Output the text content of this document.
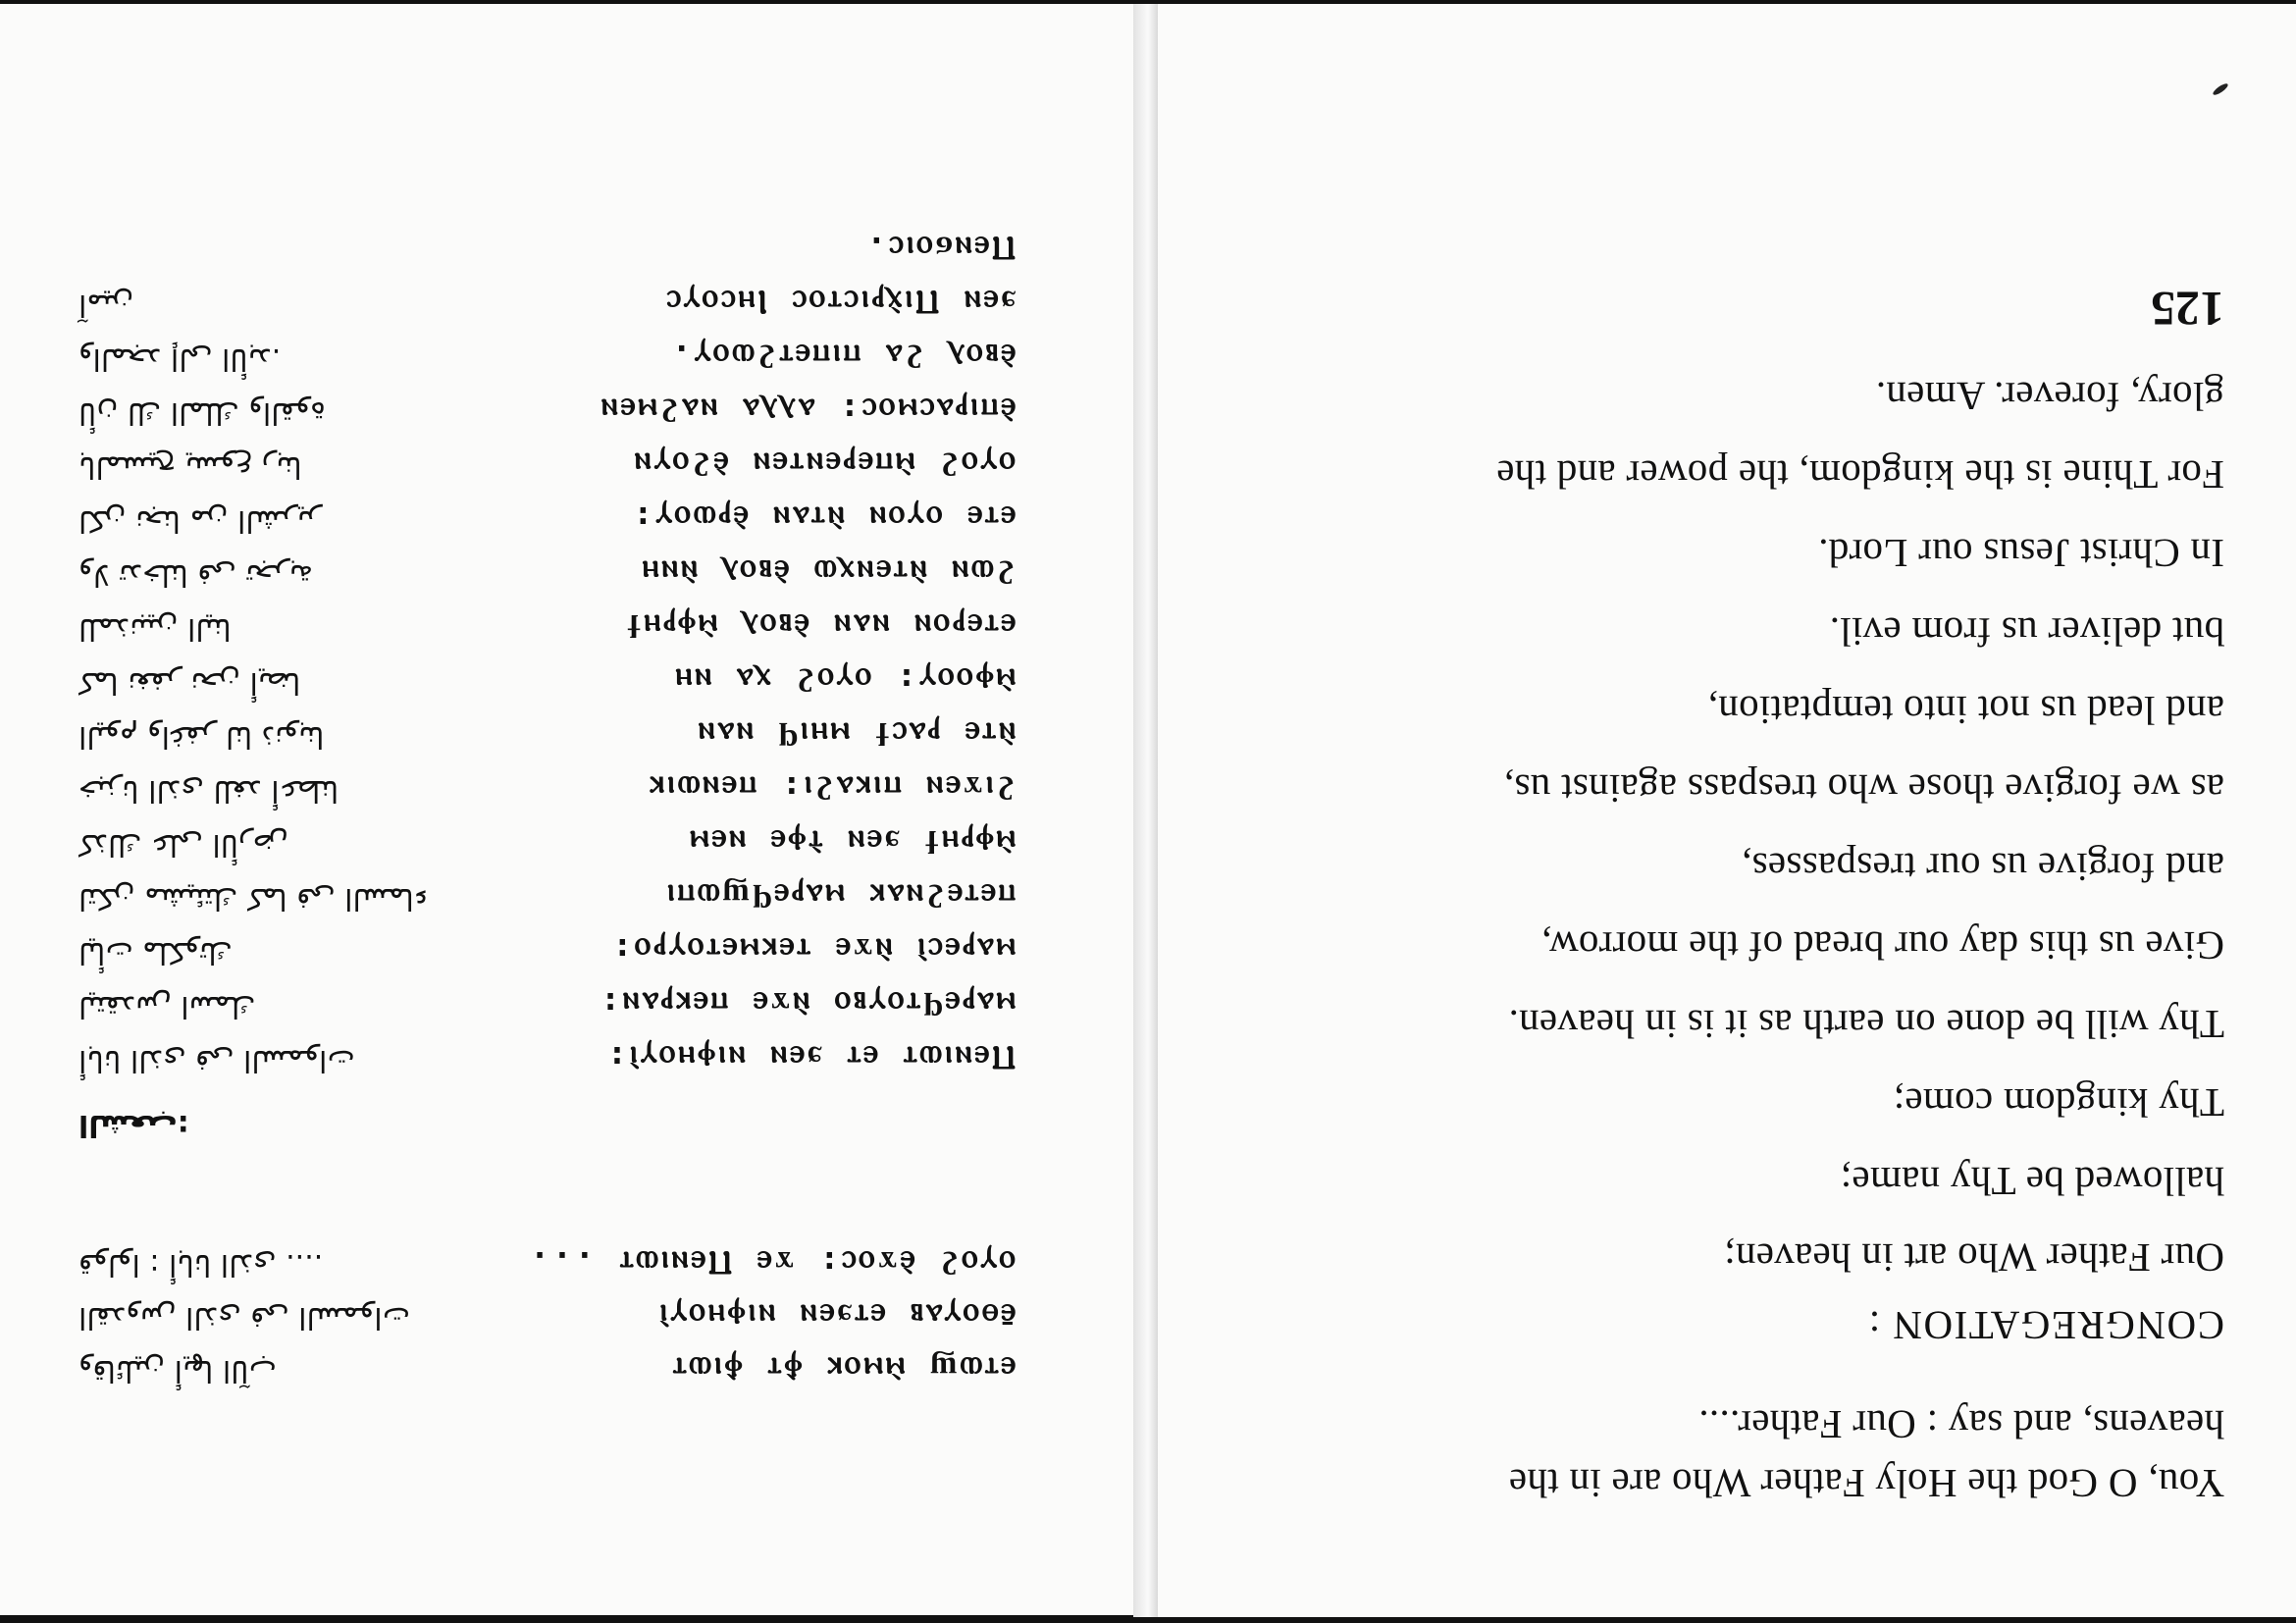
You, O God the Holy Father Who are in the
heavens, and say : Our Father....
CONGREGATION :
Our Father Who art in heaven;
hallowed be Thy name;
Thy kingdom come;
Thy will be done on earth as it is in heaven.
Give us this day our bread of the morrow,
and forgive us our trespasses,
as we forgive those who trespass against us,
and lead us not into temptation,
but deliver us from evil.
In Christ Jesus our Lord.
For Thine is the kingdom, the power and the
glory, forever. Amen.
125
ⲉⲧⲱϣ ⲙ̀ⲙⲟⲕ ⲫ̀ⲧ ⲫ̀ⲓⲱⲧ
ⲉ̄ⲑⲟⲩⲁⲃ ⲉⲧϧⲉⲛ ⲛⲓⲫⲏⲟⲩⲓ̀
ⲟⲩⲟϩ ⲉ̀ϫⲟⲥ: ϫⲉ Ⲡⲉⲛⲓⲱⲧ ...
Ⲡⲉⲛⲓⲱⲧ ⲉⲧ ϧⲉⲛ ⲛⲓⲫⲏⲟⲩⲓ̀:
ⲙⲁⲣⲉϥⲧⲟⲩⲃⲟ ⲛ̀ϫⲉ ⲡⲉⲕⲣⲁⲛ:
ⲙⲁⲣⲉⲥⲓ̀ ⲛ̀ϫⲉ ⲧⲉⲕⲙⲉⲧⲟⲩⲣⲟ:
ⲡⲉⲧⲉϩⲛⲁⲕ ⲙⲁⲣⲉϥϣⲱⲡⲓ
ⲙ̀ⲫⲣⲏϯ ϧⲉⲛ ⲧ̀ⲫⲉ ⲛⲉⲙ
ϩⲓϫⲉⲛ ⲡⲓⲕⲁϩⲓ: ⲡⲉⲛⲱⲓⲕ
ⲛ̀ⲧⲉ ⲣⲁⲥϯ ⲙⲏⲓϥ ⲛⲁⲛ
ⲙ̀ⲫⲟⲟⲩ: ⲟⲩⲟϩ ⲭⲁ ⲛⲏ
ⲉⲧⲉⲣⲟⲛ ⲛⲁⲛ ⲉ̀ⲃⲟⲗ ⲙ̀ⲫⲣⲏϯ
ϩⲱⲛ ⲛ̀ⲧⲉⲛⲭⲱ ⲉ̀ⲃⲟⲗ ⲛ̀ⲛⲏ
ⲉⲧⲉ ⲟⲩⲟⲛ ⲛ̀ⲧⲁⲛ ⲉ̀ⲣⲱⲟⲩ:
ⲟⲩⲟϩ ⲙ̀ⲡⲉⲣⲉⲛⲧⲉⲛ ⲉ̀ϩⲟⲩⲛ
ⲉ̀ⲡⲓⲣⲁⲥⲙⲟⲥ: ⲁⲗⲗⲁ ⲛⲁϩⲙⲉⲛ
ⲉ̀ⲃⲟⲗ ϩⲁ ⲡⲓⲡⲉⲧϩⲱⲟⲩ.
ϧⲉⲛ Ⲡⲓⲭ̀ⲣⲓⲥⲧⲟⲥ Ⲓⲏⲥⲟⲩⲥ
Ⲡⲉⲛϭⲟⲓⲥ.
وقائلين أيها الآب
القدوس الذى فى السموات
قولوا : أبانا الذى ....
الشعب:
أبانا الذى فى السموات
ليتقدس اسمك
ليأت ملكوتك
لتكن مشيئتك كما فى السماء
كذلك على الأرض
خبزنا الذى للغد أعطنا
اليوم واغفر لنا ذنوبنا
كما نغفر نحن أيضا
للمذنبين الينا
ولا تدخلنا فى تجربة
لكن نجنا من الشرير
بالمسيح يسوع ربنا
لأن لك الملك والقوة
والمجد إلى الأبد.
آمين
